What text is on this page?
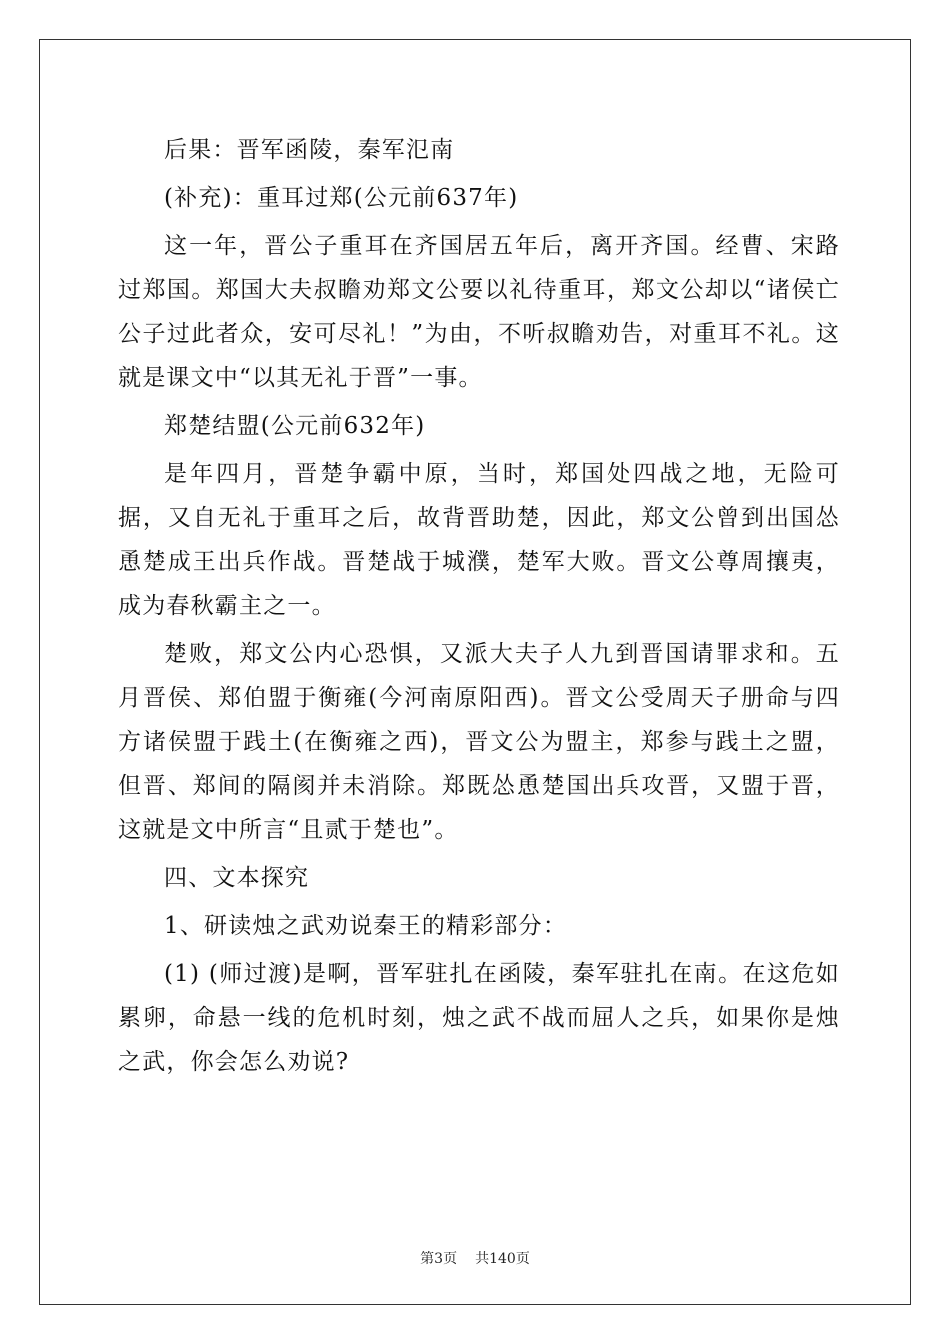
后果：晋军函陵，秦军氾南

(补充)：重耳过郑(公元前637年)

这一年，晋公子重耳在齐国居五年后，离开齐国。经曹、宋路过郑国。郑国大夫叔瞻劝郑文公要以礼待重耳，郑文公却以“诸侯亡公子过此者众，安可尽礼！”为由，不听叔瞻劝告，对重耳不礼。这就是课文中“以其无礼于晋”一事。

郑楚结盟(公元前632年)

是年四月，晋楚争霸中原，当时，郑国处四战之地，无险可据，又自无礼于重耳之后，故背晋助楚，因此，郑文公曾到出国怂恿楚成王出兵作战。晋楚战于城濮，楚军大败。晋文公尊周攘夷，成为春秋霸主之一。

楚败，郑文公内心恐惧，又派大夫子人九到晋国请罪求和。五月晋侯、郑伯盟于衡雍(今河南原阳西)。晋文公受周天子册命与四方诸侯盟于践土(在衡雍之西)，晋文公为盟主，郑参与践土之盟，但晋、郑间的隔阂并未消除。郑既怂恿楚国出兵攻晋，又盟于晋，这就是文中所言“且贰于楚也”。

四、文本探究

1、研读烛之武劝说秦王的精彩部分：

(1) (师过渡)是啊，晋军驻扎在函陵，秦军驻扎在南。在这危如累卵，命悬一线的危机时刻，烛之武不战而屈人之兵，如果你是烛之武，你会怎么劝说?

第3页 共140页
